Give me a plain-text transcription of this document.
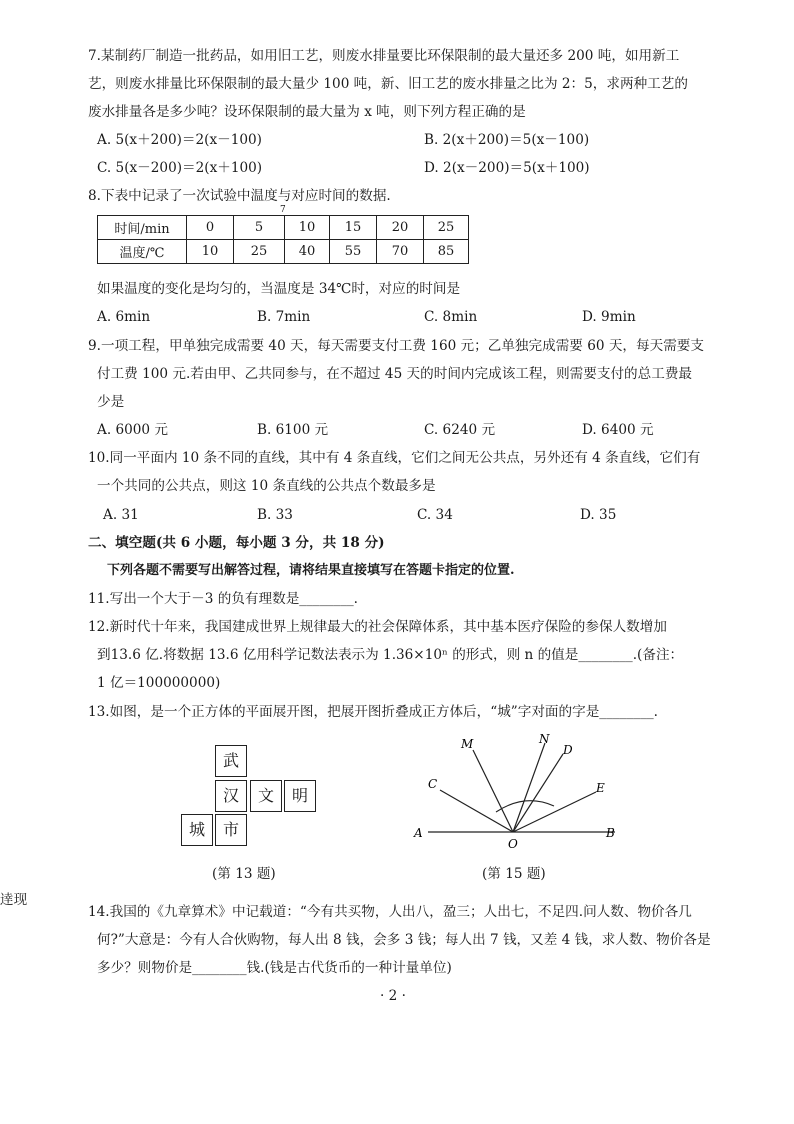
7.某制药厂制造一批药品，如用旧工艺，则废水排量要比环保限制的最大量还多 200 吨，如用新工
艺，则废水排量比环保限制的最大量少 100 吨，新、旧工艺的废水排量之比为 2：5，求两种工艺的
废水排量各是多少吨？设环保限制的最大量为 x 吨，则下列方程正确的是
A. 5(x＋200)＝2(x－100)	B. 2(x＋200)＝5(x－100)
C. 5(x－200)＝2(x＋100)	D. 2(x－200)＝5(x＋100)
8.下表中记录了一次试验中温度与对应时间的数据.
7
时间/min	0	5	10	15	20	25
温度/℃	10	25	40	55	70	85
如果温度的变化是均匀的，当温度是 34℃时，对应的时间是
A. 6min	B. 7min	C. 8min	D. 9min
9.一项工程，甲单独完成需要 40 天，每天需要支付工费 160 元；乙单独完成需要 60 天，每天需要支
付工费 100 元.若由甲、乙共同参与，在不超过 45 天的时间内完成该工程，则需要支付的总工费最
少是
A. 6000 元	B. 6100 元	C. 6240 元	D. 6400 元
10.同一平面内 10 条不同的直线，其中有 4 条直线，它们之间无公共点，另外还有 4 条直线，它们有
一个共同的公共点，则这 10 条直线的公共点个数最多是
A. 31	B. 33	C. 34	D. 35
二、填空题(共 6 小题，每小题 3 分，共 18 分)
下列各题不需要写出解答过程，请将结果直接填写在答题卡指定的位置.
11.写出一个大于－3 的负有理数是________.
12.新时代十年来，我国建成世界上规律最大的社会保障体系，其中基本医疗保险的参保人数增加
到13.6 亿.将数据 13.6 亿用科学记数法表示为 1.36×10ⁿ 的形式，则 n 的值是________.(备注：
1 亿＝100000000)
13.如图，是一个正方体的平面展开图，把展开图折叠成正方体后，“城”字对面的字是________.
武
汉	文	明
城	市
(第 13 题)
M	N
D
C	E
A
O
B
(第 15 题)
逹现
14.我国的《九章算术》中记载道：“今有共买物，人出八，盈三；人出七，不足四.问人数、物价各几
何?”大意是：今有人合伙购物，每人出 8 钱，会多 3 钱；每人出 7 钱，又差 4 钱，求人数、物价各是
多少？则物价是________钱.(钱是古代货币的一种计量单位)
· 2 ·
